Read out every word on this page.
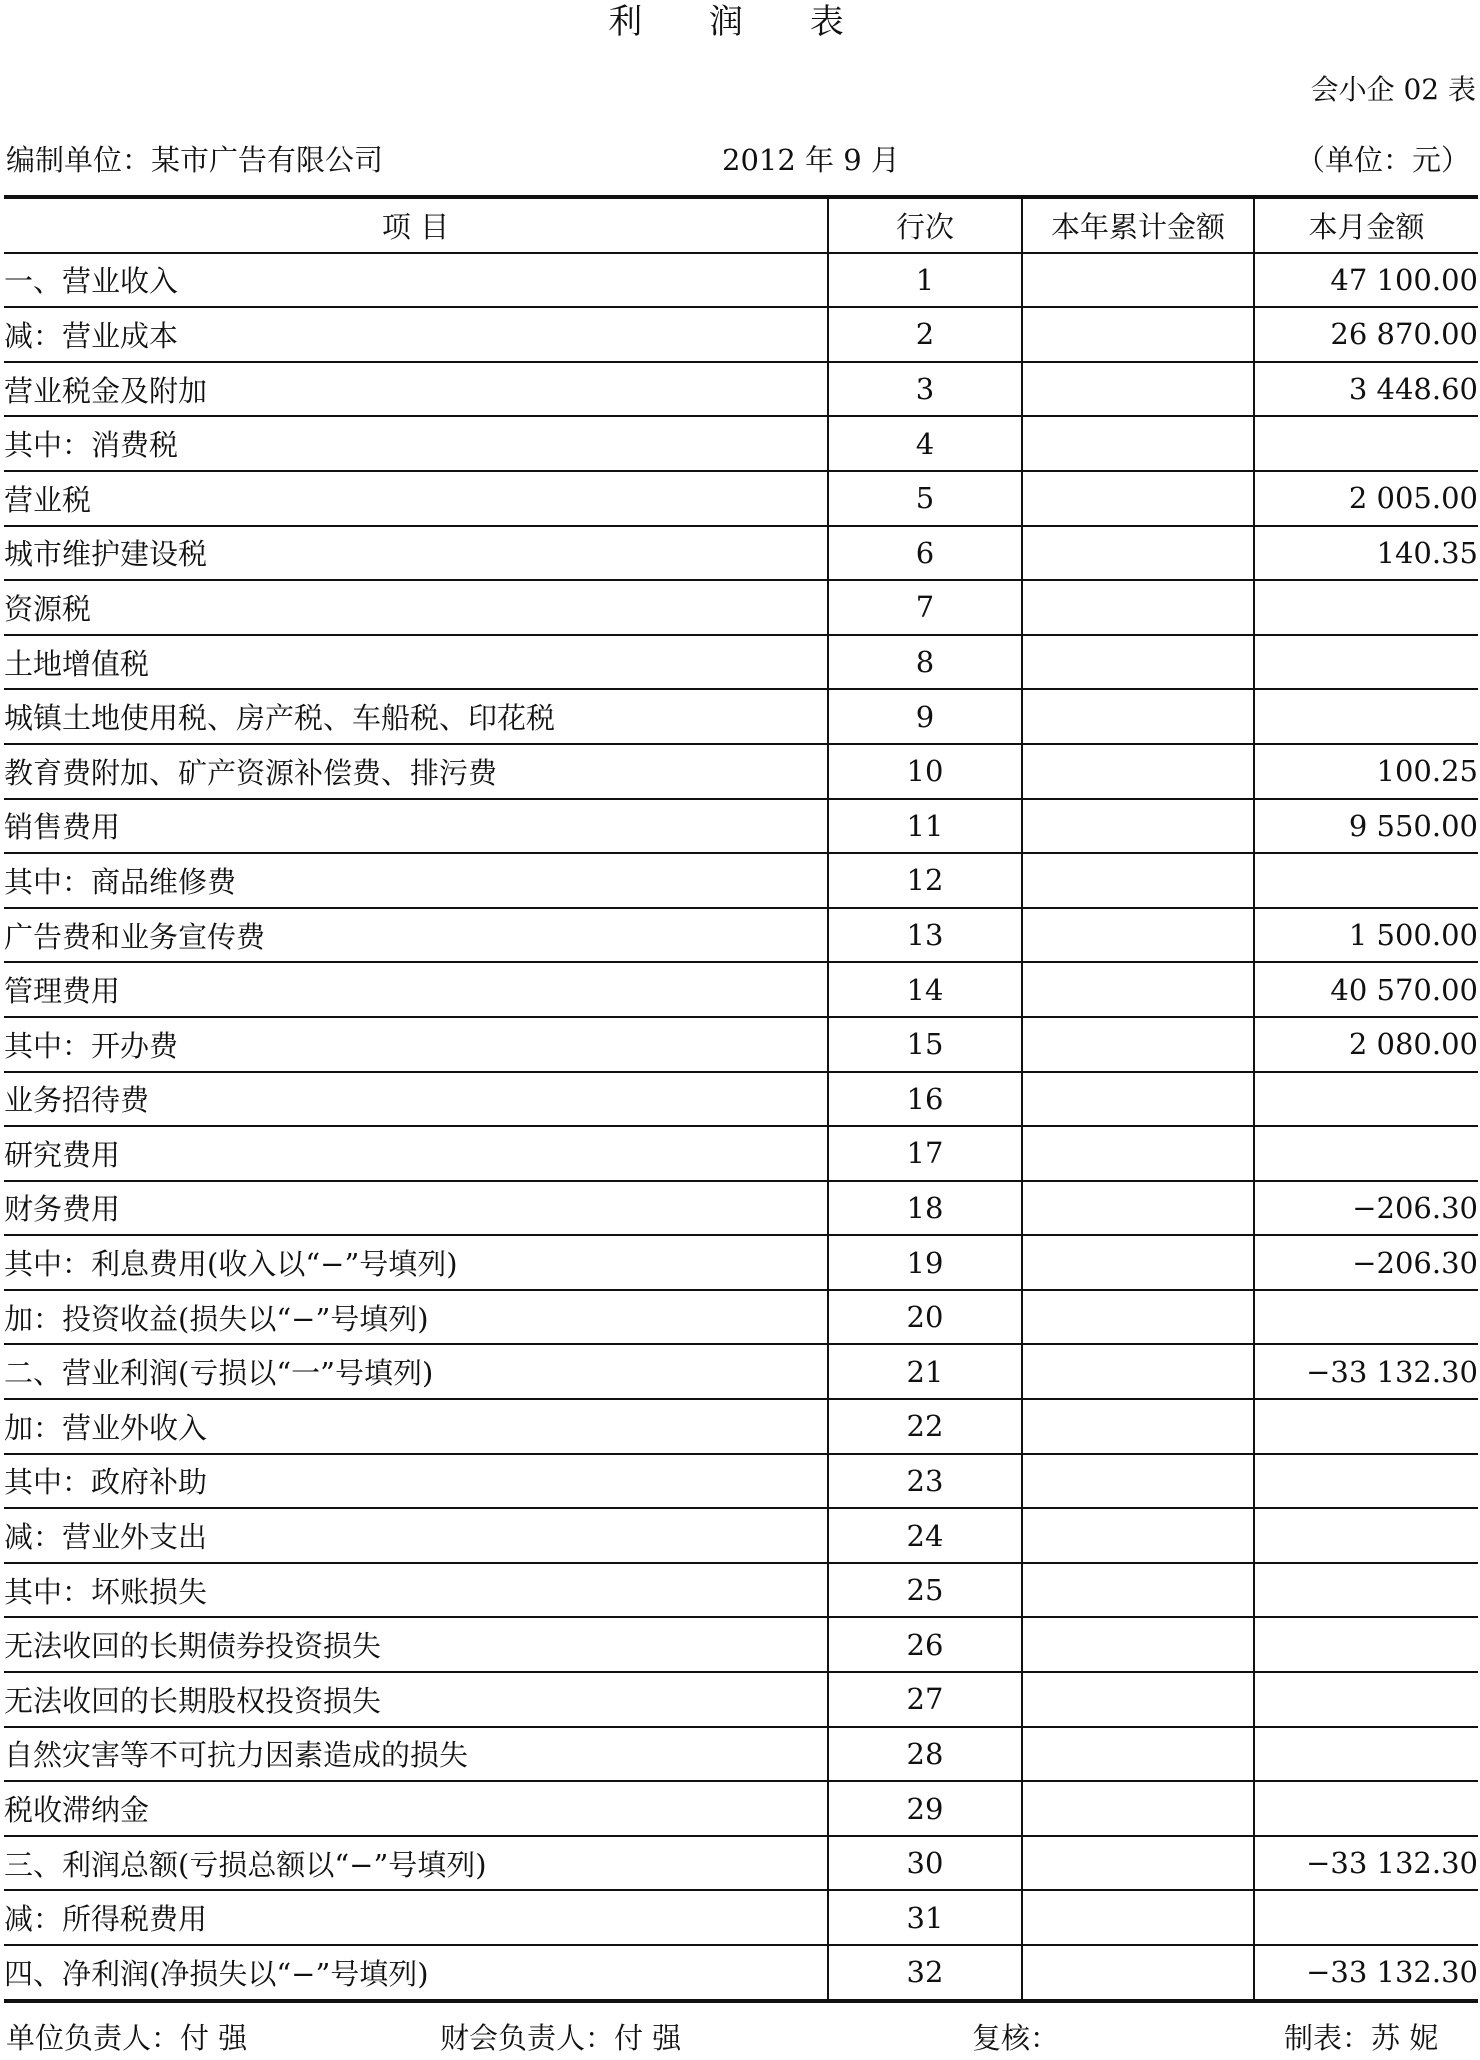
利 润 表
会小企 02 表
编制单位：某市广告有限公司	2012 年 9 月	（单位：元）
项 目	行次	本年累计金额	本月金额
一、营业收入	1		47 100.00
减：营业成本	2		26 870.00
营业税金及附加	3		3 448.60
其中：消费税	4		
营业税	5		2 005.00
城市维护建设税	6		140.35
资源税	7		
土地增值税	8		
城镇土地使用税、房产税、车船税、印花税	9		
教育费附加、矿产资源补偿费、排污费	10		100.25
销售费用	11		9 550.00
其中：商品维修费	12		
广告费和业务宣传费	13		1 500.00
管理费用	14		40 570.00
其中：开办费	15		2 080.00
业务招待费	16		
研究费用	17		
财务费用	18		−206.30
其中：利息费用(收入以“−”号填列)	19		−206.30
加：投资收益(损失以“−”号填列)	20		
二、营业利润(亏损以“一”号填列)	21		−33 132.30
加：营业外收入	22		
其中：政府补助	23		
减：营业外支出	24		
其中：坏账损失	25		
无法收回的长期债券投资损失	26		
无法收回的长期股权投资损失	27		
自然灾害等不可抗力因素造成的损失	28		
税收滞纳金	29		
三、利润总额(亏损总额以“−”号填列)	30		−33 132.30
减：所得税费用	31		
四、净利润(净损失以“−”号填列)	32		−33 132.30
单位负责人：付 强	财会负责人：付 强	复核：	制表：苏 妮
